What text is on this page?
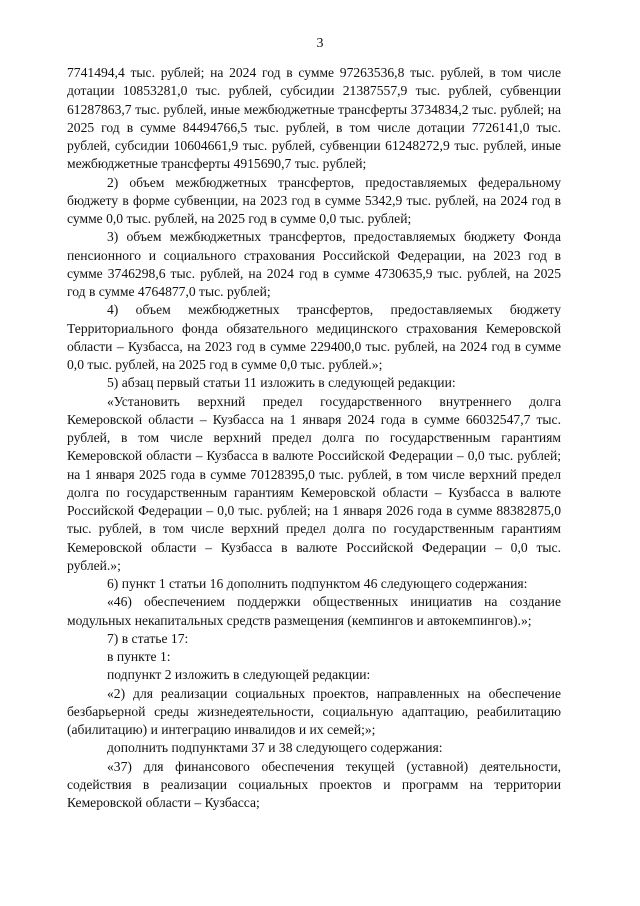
3

7741494,4 тыс. рублей; на 2024 год в сумме 97263536,8 тыс. рублей, в том числе дотации 10853281,0 тыс. рублей, субсидии 21387557,9 тыс. рублей, субвенции 61287863,7 тыс. рублей, иные межбюджетные трансферты 3734834,2 тыс. рублей; на 2025 год в сумме 84494766,5 тыс. рублей, в том числе дотации 7726141,0 тыс. рублей, субсидии 10604661,9 тыс. рублей, субвенции 61248272,9 тыс. рублей, иные межбюджетные трансферты 4915690,7 тыс. рублей;

2) объем межбюджетных трансфертов, предоставляемых федеральному бюджету в форме субвенции, на 2023 год в сумме 5342,9 тыс. рублей, на 2024 год в сумме 0,0 тыс. рублей, на 2025 год в сумме 0,0 тыс. рублей;

3) объем межбюджетных трансфертов, предоставляемых бюджету Фонда пенсионного и социального страхования Российской Федерации, на 2023 год в сумме 3746298,6 тыс. рублей, на 2024 год в сумме 4730635,9 тыс. рублей, на 2025 год в сумме 4764877,0 тыс. рублей;

4) объем межбюджетных трансфертов, предоставляемых бюджету Территориального фонда обязательного медицинского страхования Кемеровской области – Кузбасса, на 2023 год в сумме 229400,0 тыс. рублей, на 2024 год в сумме 0,0 тыс. рублей, на 2025 год в сумме 0,0 тыс. рублей.»;

5) абзац первый статьи 11 изложить в следующей редакции:

«Установить верхний предел государственного внутреннего долга Кемеровской области – Кузбасса на 1 января 2024 года в сумме 66032547,7 тыс. рублей, в том числе верхний предел долга по государственным гарантиям Кемеровской области – Кузбасса в валюте Российской Федерации – 0,0 тыс. рублей; на 1 января 2025 года в сумме 70128395,0 тыс. рублей, в том числе верхний предел долга по государственным гарантиям Кемеровской области – Кузбасса в валюте Российской Федерации – 0,0 тыс. рублей; на 1 января 2026 года в сумме 88382875,0 тыс. рублей, в том числе верхний предел долга по государственным гарантиям Кемеровской области – Кузбасса в валюте Российской Федерации – 0,0 тыс. рублей.»;

6) пункт 1 статьи 16 дополнить подпунктом 46 следующего содержания:

«46) обеспечением поддержки общественных инициатив на создание модульных некапитальных средств размещения (кемпингов и автокемпингов).»;

7) в статье 17:

в пункте 1:

подпункт 2 изложить в следующей редакции:

«2) для реализации социальных проектов, направленных на обеспечение безбарьерной среды жизнедеятельности, социальную адаптацию, реабилитацию (абилитацию) и интеграцию инвалидов и их семей;»;

дополнить подпунктами 37 и 38 следующего содержания:

«37) для финансового обеспечения текущей (уставной) деятельности, содействия в реализации социальных проектов и программ на территории Кемеровской области – Кузбасса;
